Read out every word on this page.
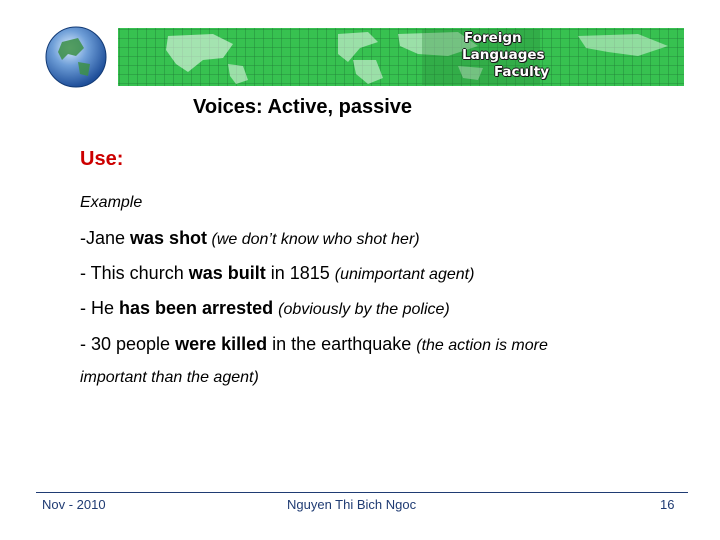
Foreign
Languages
Faculty
Voices: Active, passive
Use:
Example
-Jane was shot (we don’t know who shot her)
- This church was built in 1815 (unimportant agent)
- He has been arrested (obviously by the police)
- 30 people were killed in the earthquake (the action is more
important than the agent)
Nov - 2010	Nguyen Thi Bich Ngoc	16
